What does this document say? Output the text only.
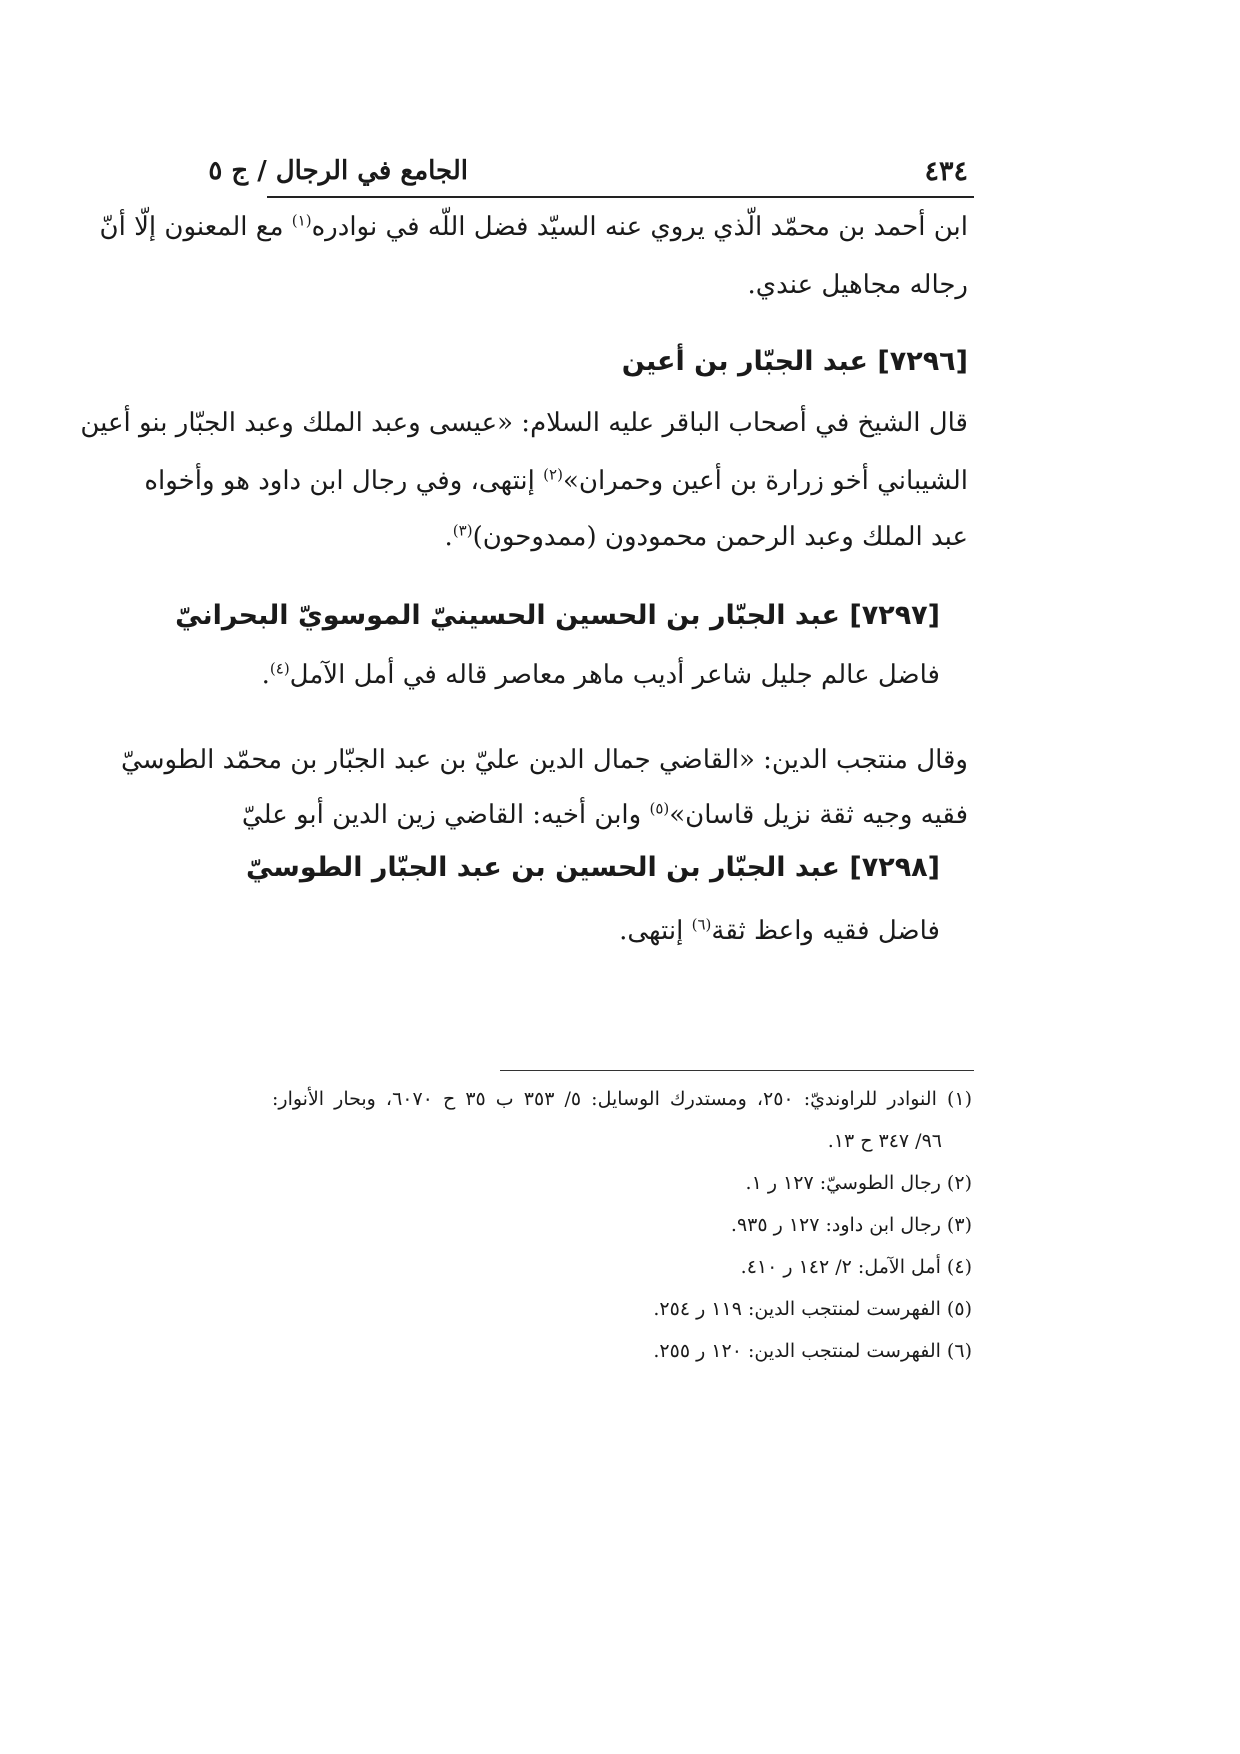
الجامع في الرجال / ج ٥	٤٣٤
ابن أحمد بن محمّد الّذي يروي عنه السيّد فضل اللّه في نوادره$^{(١)}$ مع المعنون إلّا أنّ
رجاله مجاهيل عندي.
[٧٢٩٦] عبد الجبّار بن أعين
قال الشيخ في أصحاب الباقر عليه السلام: «عيسى وعبد الملك وعبد الجبّار بنو أعين
الشيباني أخو زرارة بن أعين وحمران»$^{(٢)}$ إنتهى، وفي رجال ابن داود هو وأخواه
عبد الملك وعبد الرحمن محمودون (ممدوحون)$^{(٣)}$.
[٧٢٩٧] عبد الجبّار بن الحسين الحسينيّ الموسويّ البحرانيّ
فاضل عالم جليل شاعر أديب ماهر معاصر قاله في أمل الآمل$^{(٤)}$.
وقال منتجب الدين: «القاضي جمال الدين عليّ بن عبد الجبّار بن محمّد الطوسيّ
فقيه وجيه ثقة نزيل قاسان»$^{(٥)}$ وابن أخيه: القاضي زين الدين أبو عليّ
[٧٢٩٨] عبد الجبّار بن الحسين بن عبد الجبّار الطوسيّ
فاضل فقيه واعظ ثقة$^{(٦)}$ إنتهى.
(١) النوادر للراونديّ: ٢٥٠، ومستدرك الوسايل: ٥/ ٣٥٣ ب ٣٥ ح ٦٠٧٠، وبحار الأنوار:
٩٦/ ٣٤٧ ح ١٣.
(٢) رجال الطوسيّ: ١٢٧ ر ١.
(٣) رجال ابن داود: ١٢٧ ر ٩٣٥.
(٤) أمل الآمل: ٢/ ١٤٢ ر ٤١٠.
(٥) الفهرست لمنتجب الدين: ١١٩ ر ٢٥٤.
(٦) الفهرست لمنتجب الدين: ١٢٠ ر ٢٥٥.
